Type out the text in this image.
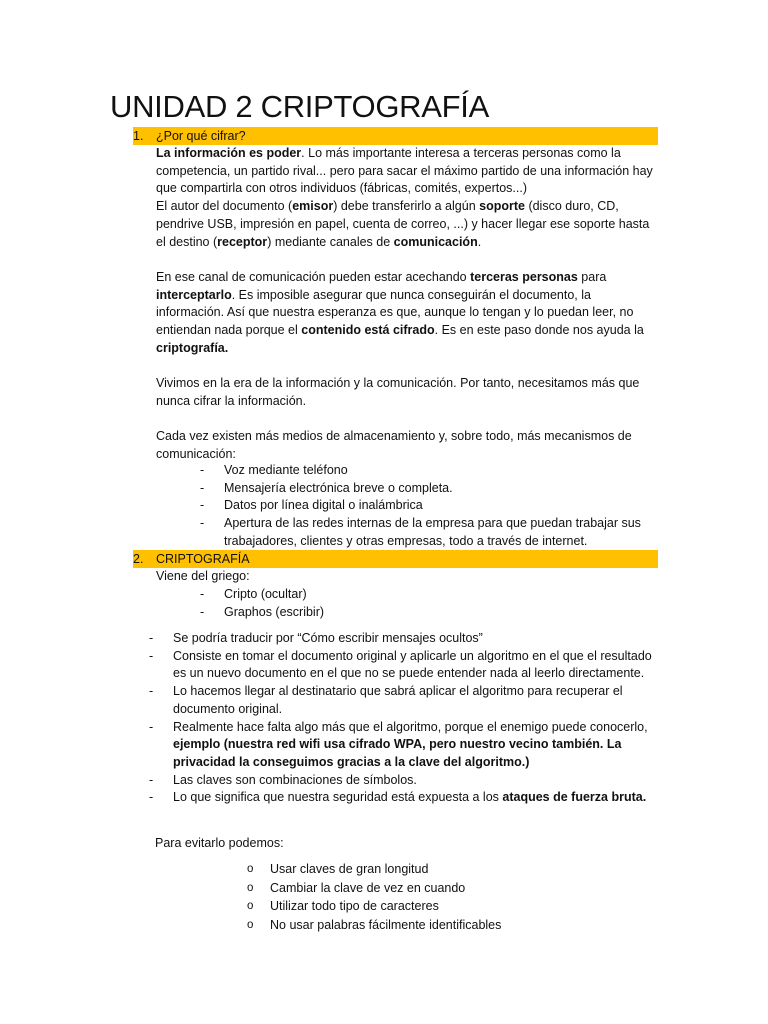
UNIDAD 2 CRIPTOGRAFÍA
1. ¿Por qué cifrar?

La información es poder. Lo más importante interesa a terceras personas como la competencia, un partido rival... pero para sacar el máximo partido de una información hay que compartirla con otros individuos (fábricas, comités, expertos...)

El autor del documento (emisor) debe transferirlo a algún soporte (disco duro, CD, pendrive USB, impresión en papel, cuenta de correo, ...) y hacer llegar ese soporte hasta el destino (receptor) mediante canales de comunicación.

En ese canal de comunicación pueden estar acechando terceras personas para interceptarlo. Es imposible asegurar que nunca conseguirán el documento, la información. Así que nuestra esperanza es que, aunque lo tengan y lo puedan leer, no entiendan nada porque el contenido está cifrado. Es en este paso donde nos ayuda la criptografía.

Vivimos en la era de la información y la comunicación. Por tanto, necesitamos más que nunca cifrar la información.

Cada vez existen más medios de almacenamiento y, sobre todo, más mecanismos de comunicación:

- Voz mediante teléfono
- Mensajería electrónica breve o completa.
- Datos por línea digital o inalámbrica
- Apertura de las redes internas de la empresa para que puedan trabajar sus trabajadores, clientes y otras empresas, todo a través de internet.
2. CRIPTOGRAFÍA

Viene del griego:

- Cripto (ocultar)
- Graphos (escribir)
- Se podría traducir por “Cómo escribir mensajes ocultos”
- Consiste en tomar el documento original y aplicarle un algoritmo en el que el resultado es un nuevo documento en el que no se puede entender nada al leerlo directamente.
- Lo hacemos llegar al destinatario que sabrá aplicar el algoritmo para recuperar el documento original.
- Realmente hace falta algo más que el algoritmo, porque el enemigo puede conocerlo, ejemplo (nuestra red wifi usa cifrado WPA, pero nuestro vecino también. La privacidad la conseguimos gracias a la clave del algoritmo.)
- Las claves son combinaciones de símbolos.
- Lo que significa que nuestra seguridad está expuesta a los ataques de fuerza bruta.

Para evitarlo podemos:

o Usar claves de gran longitud
o Cambiar la clave de vez en cuando
o Utilizar todo tipo de caracteres
o No usar palabras fácilmente identificables
